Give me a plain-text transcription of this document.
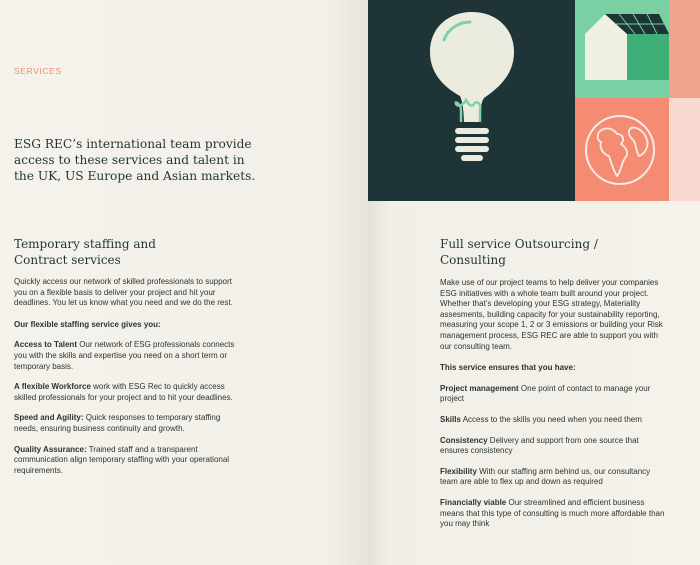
SERVICES
ESG REC’s international team provide access to these services and talent in the UK, US Europe and Asian markets.
Temporary staffing and
Contract services

Quickly access our network of skilled professionals to support you on a flexible basis to deliver your project and hit your deadlines. You let us know what you need and we do the rest.

Our flexible staffing service gives you:

Access to Talent Our network of ESG professionals connects you with the skills and expertise you need on a short term or temporary basis.

A flexible Workforce work with ESG Rec to quickly access skilled professionals for your project and to hit your deadlines.

Speed and Agility: Quick responses to temporary staffing needs, ensuring business continuity and growth.

Quality Assurance: Trained staff and a transparent communication align temporary staffing with your operational requirements.

Full service Outsourcing / Consulting

Make use of our project teams to help deliver your companies ESG initiatives with a whole team built around your project. Whether that’s developing your ESG strategy, Materiality assesments, building capacity for your sustainability reporting, measuring your scope 1, 2 or 3 emissions or building your Risk management process, ESG REC are able to support you with our consulting team.

This service ensures that you have:

Project management One point of contact to manage your project

Skills Access to the skills you need when you need them

Consistency Delivery and support from one source that ensures consistency

Flexibility With our staffing arm behind us, our consultancy team are able to flex up and down as required

Financially viable Our streamlined and efficient business means that this type of consulting is much more affordable than you may think
